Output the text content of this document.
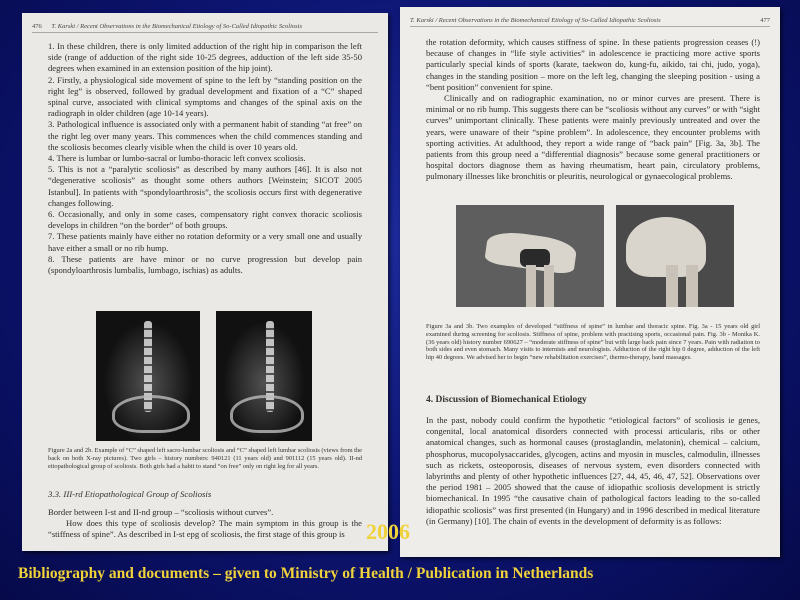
476 T. Karski / Recent Observations in the Biomechanical Etiology of So-Called Idiopathic Scoliosis

1. In these children, there is only limited adduction of the right hip in comparison the left side (range of adduction of the right side 10-25 degrees, adduction of the left side 35-50 degrees when examined in an extension position of the hip joint).

2. Firstly, a physiological side movement of spine to the left by “standing position on the right leg” is observed, followed by gradual development and fixation of a “C” shaped spinal curve, associated with clinical symptoms and changes of the spinal axis on the radiograph in older children (age 10-14 years).

3. Pathological influence is associated only with a permanent habit of standing “at free” on the right leg over many years. This commences when the child commences standing and the scoliosis becomes clearly visible when the child is over 10 years old.

4. There is lumbar or lumbo-sacral or lumbo-thoracic left convex scoliosis.

5. This is not a “paralytic scoliosis” as described by many authors [46]. It is also not “degenerative scoliosis” as thought some others authors [Weinstein; SICOT 2005 Istanbul]. In patients with “spondyloarthrosis”, the scoliosis occurs first with degenerative changes following.

6. Occasionally, and only in some cases, compensatory right convex thoracic scoliosis develops in children “on the border” of both groups.

7. These patients mainly have either no rotation deformity or a very small one and usually have either a small or no rib hump.

8. These patients are have minor or no curve progression but develop pain (spondyloarthrosis lumbalis, lumbago, ischias) as adults.

Figure 2a and 2b. Example of “C” shaped left sacro-lumbar scoliosis and “C” shaped left lumbar scoliosis (views from the back on both X-ray pictures). Two girls – history numbers: 940121 (11 years old) and 901112 (15 years old). II-nd etiopathological group of scoliosis. Both girls had a habit to stand “on free” only on right leg for all years.
3.3. III-rd Etiopathological Group of Scoliosis

Border between I-st and II-nd group – “scoliosis without curves”.

How does this type of scoliosis develop? The main symptom in this group is the “stiffness of spine”. As described in I-st epg of scoliosis, the first stage of this group is

T. Karski / Recent Observations in the Biomechanical Etiology of So-Called Idiopathic Scoliosis	477

the rotation deformity, which causes stiffness of spine. In these patients progression ceases (!) because of changes in “life style activities” in adolescence ie practicing more active sports particularly special kinds of sports (karate, taekwon do, kung-fu, aikido, tai chi, judo, yoga), changes in the standing position – more on the left leg, changing the sleeping position - using a “bent position” convenient for spine.

Clinically and on radiographic examination, no or minor curves are present. There is minimal or no rib hump. This suggests there can be “scoliosis without any curves” or with “sight curves” unimportant clinically. These patients were mainly previously untreated and over the years, were unaware of their “spine problem”. In adolescence, they encounter problems with sporting activities. At adulthood, they report a wide range of “back pain” [Fig. 3a, 3b]. The patients from this group need a “differential diagnosis” because some general practitioners or hospital doctors diagnose them as having rheumatism, heart pain, circulatory problems, pulmonary illnesses like bronchitis or pleuritis, neurological or gynaecological problems.

Figure 3a and 3b. Two examples of developed “stiffness of spine” in lumbar and thoracic spine. Fig. 3a - 15 years old girl examined during screening for scoliosis. Stiffness of spine, problem with practising sports, occasional pain. Fig. 3b - Monika K. (36 years old) history number 690627 – “moderate stiffness of spine” but with large back pain since 7 years. Pain with radiation to both sides and even stomach. Many visits to internists and neurologists. Adduction of the right hip 0 degree, adduction of the left hip 40 degrees. We advised her to begin “new rehabilitation exercises”, thermo-therapy, hand massages.
4. Discussion of Biomechanical Etiology
In the past, nobody could confirm the hypothetic “etiological factors” of scoliosis ie genes, congenital, local anatomical disorders connected with processi articularis, ribs or other anatomical changes, such as hormonal causes (prostaglandin, melatonin), chemical – calcium, phosphorus, mucopolysaccarides, glycogen, actins and myosin in muscles, calmodulin, illnesses such as rickets, osteoporosis, diseases of nervous system, even disorders connected with labyrinths and plenty of other hypothetic influences [27, 44, 45, 46, 47, 52]. Observations over the period 1981 – 2005 showed that the cause of idiopathic scoliosis development is strictly biomechanical. In 1995 “the causative chain of pathological factors leading to the so-called idiopathic scoliosis” was first presented (in Hungary) and in 1996 described in medical literature (in Germany) [10]. The chain of events in the development of deformity is as follows:
2006
Bibliography and documents – given to Ministry of Health / Publication in Netherlands
